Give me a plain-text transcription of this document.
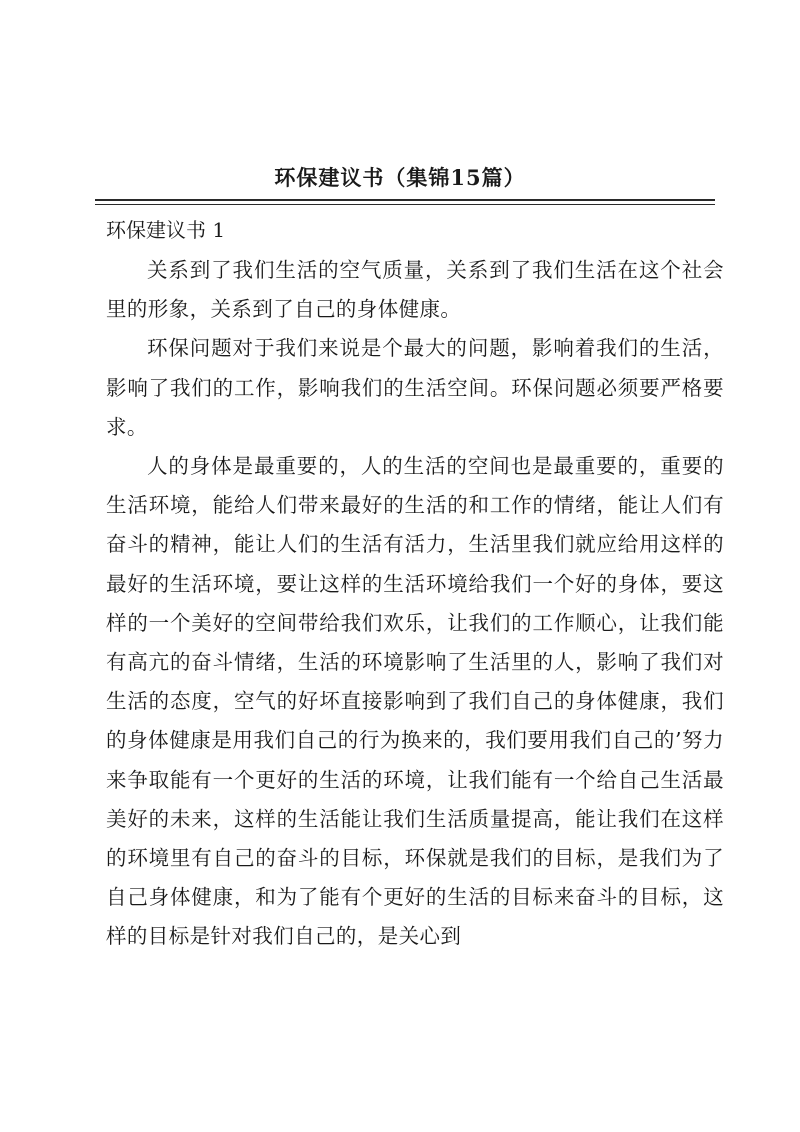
环保建议书（集锦15篇）
环保建议书 1

关系到了我们生活的空气质量，关系到了我们生活在这个社会里的形象，关系到了自己的身体健康。

环保问题对于我们来说是个最大的问题，影响着我们的生活，影响了我们的工作，影响我们的生活空间。环保问题必须要严格要求。

人的身体是最重要的，人的生活的空间也是最重要的，重要的生活环境，能给人们带来最好的生活的和工作的情绪，能让人们有奋斗的精神，能让人们的生活有活力，生活里我们就应给用这样的最好的生活环境，要让这样的生活环境给我们一个好的身体，要这样的一个美好的空间带给我们欢乐，让我们的工作顺心，让我们能有高亢的奋斗情绪，生活的环境影响了生活里的人，影响了我们对生活的态度，空气的好坏直接影响到了我们自己的身体健康，我们的身体健康是用我们自己的行为换来的，我们要用我们自己的’努力来争取能有一个更好的生活的环境，让我们能有一个给自己生活最美好的未来，这样的生活能让我们生活质量提高，能让我们在这样的环境里有自己的奋斗的目标，环保就是我们的目标，是我们为了自己身体健康，和为了能有个更好的生活的目标来奋斗的目标，这样的目标是针对我们自己的，是关心到
